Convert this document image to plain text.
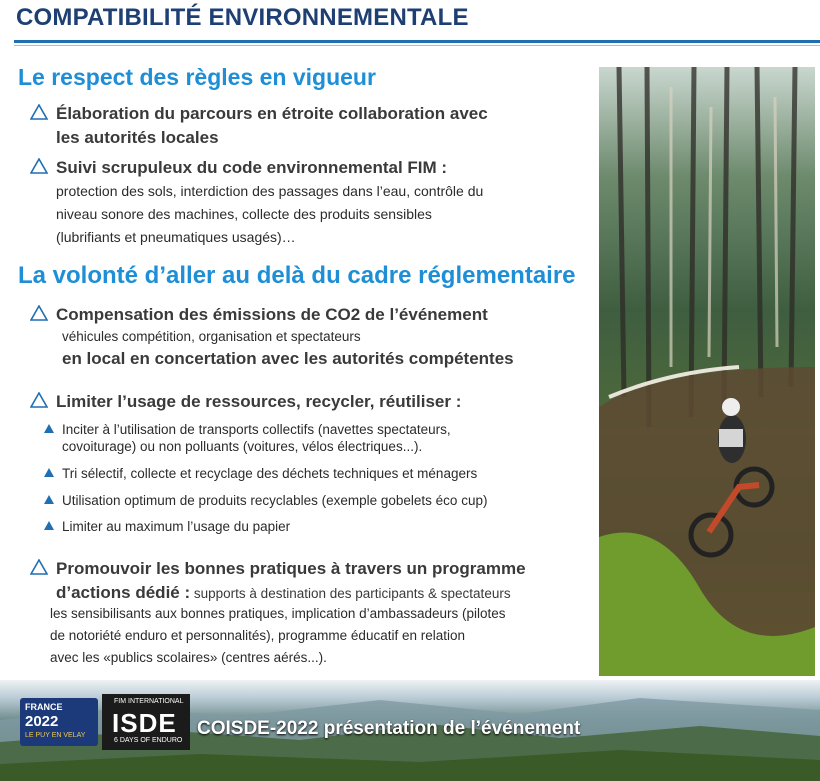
COMPATIBILITÉ ENVIRONNEMENTALE
Le respect des règles en vigueur
Élaboration du parcours en étroite collaboration avec
les autorités locales
Suivi scrupuleux du code environnemental FIM :
protection des sols, interdiction des passages dans l’eau, contrôle du
niveau sonore des machines, collecte des produits sensibles
(lubrifiants et pneumatiques usagés)…
La volonté d’aller au delà du cadre réglementaire
Compensation des émissions de CO2 de l’événement
véhicules compétition, organisation et spectateurs
en local en concertation avec les autorités compétentes
Limiter l’usage de ressources, recycler, réutiliser :
Inciter à l’utilisation de transports collectifs (navettes spectateurs,
covoiturage) ou non polluants (voitures, vélos électriques...).
Tri sélectif, collecte et recyclage des déchets techniques et ménagers
Utilisation optimum de produits recyclables (exemple gobelets éco cup)
Limiter au maximum l’usage du papier
Promouvoir les bonnes pratiques à travers un programme
d’actions dédié : supports à destination des participants & spectateurs
les sensibilisants aux bonnes pratiques, implication d’ambassadeurs (pilotes
de notoriété enduro et personnalités), programme éducatif en relation
avec les «publics scolaires» (centres aérés...).
FRANCE
2022
LE PUY EN VELAY
FIM INTERNATIONAL
ISDE
6 DAYS OF ENDURO
COISDE-2022 présentation de l’événement
